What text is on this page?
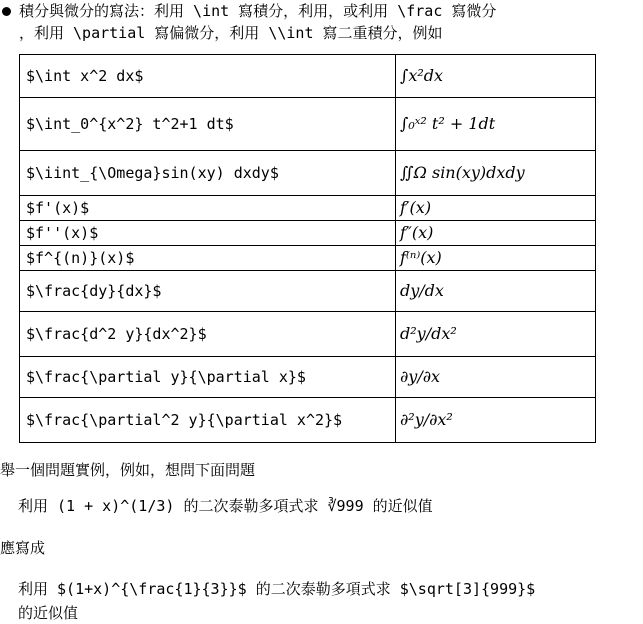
積分與微分的寫法：利用 \int 寫積分，利用，或利用 \frac 寫微分
，利用 \partial 寫偏微分，利用 \\int 寫二重積分，例如
$\int x^2 dx$	∫x²dx
$\int_0^{x^2} t^2+1 dt$	∫₀ˣ² t² + 1dt
$\iint_{\Omega}sin(xy) dxdy$	∬Ω sin(xy)dxdy
$f'(x)$	f′(x)
$f''(x)$	f″(x)
$f^{(n)}(x)$	f⁽ⁿ⁾(x)
$\frac{dy}{dx}$	dy/dx
$\frac{d^2 y}{dx^2}$	d²y/dx²
$\frac{\partial y}{\partial x}$	∂y/∂x
$\frac{\partial^2 y}{\partial x^2}$	∂²y/∂x²
舉一個問題實例，例如，想問下面問題
利用 (1 + x)^(1/3) 的二次泰勒多項式求 ∛999 的近似值
應寫成
利用 $(1+x)^{\frac{1}{3}}$ 的二次泰勒多項式求 $\sqrt[3]{999}$
的近似值
